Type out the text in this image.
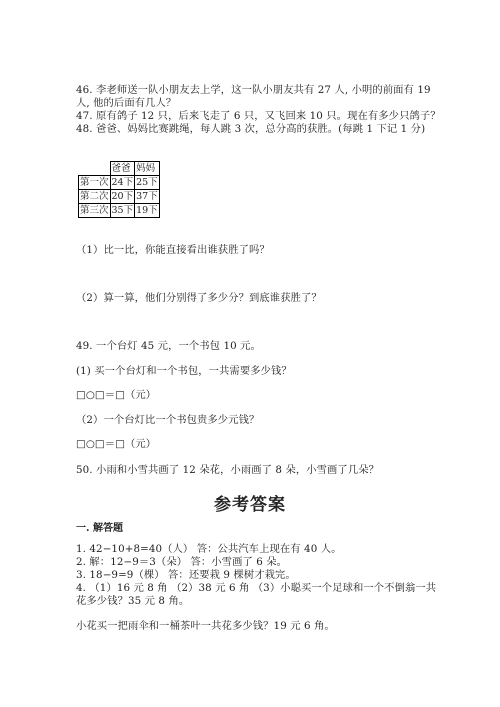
46. 李老师送一队小朋友去上学，这一队小朋友共有 27 人, 小明的前面有 19
人, 他的后面有几人？
47. 原有鸽子 12 只，后来飞走了 6 只，又飞回来 10 只。现在有多少只鸽子？
48. 爸爸、妈妈比赛跳绳，每人跳 3 次，总分高的获胜。(每跳 1 下记 1 分)
	爸爸	妈妈
第一次	24下	25下
第二次	20下	37下
第三次	35下	19下
（1）比一比，你能直接看出谁获胜了吗？
（2）算一算，他们分别得了多少分？到底谁获胜了？
49. 一个台灯 45 元，一个书包 10 元。
(1) 买一个台灯和一个书包，一共需要多少钱？
□○□＝□（元）
（2）一个台灯比一个书包贵多少元钱？
□○□＝□（元）
50. 小雨和小雪共画了 12 朵花，小雨画了 8 朵，小雪画了几朵？
参考答案
一. 解答题
1. 42−10+8=40（人） 答：公共汽车上现在有 40 人。
2. 解：12−9＝3（朵） 答：小雪画了 6 朵。
3. 18−9=9（棵） 答：还要栽 9 棵树才栽完。
4. （1）16 元 8 角 （2）38 元 6 角 （3）小聪买一个足球和一个不倒翁一共
花多少钱？35 元 8 角。
小花买一把雨伞和一桶茶叶一共花多少钱？19 元 6 角。
